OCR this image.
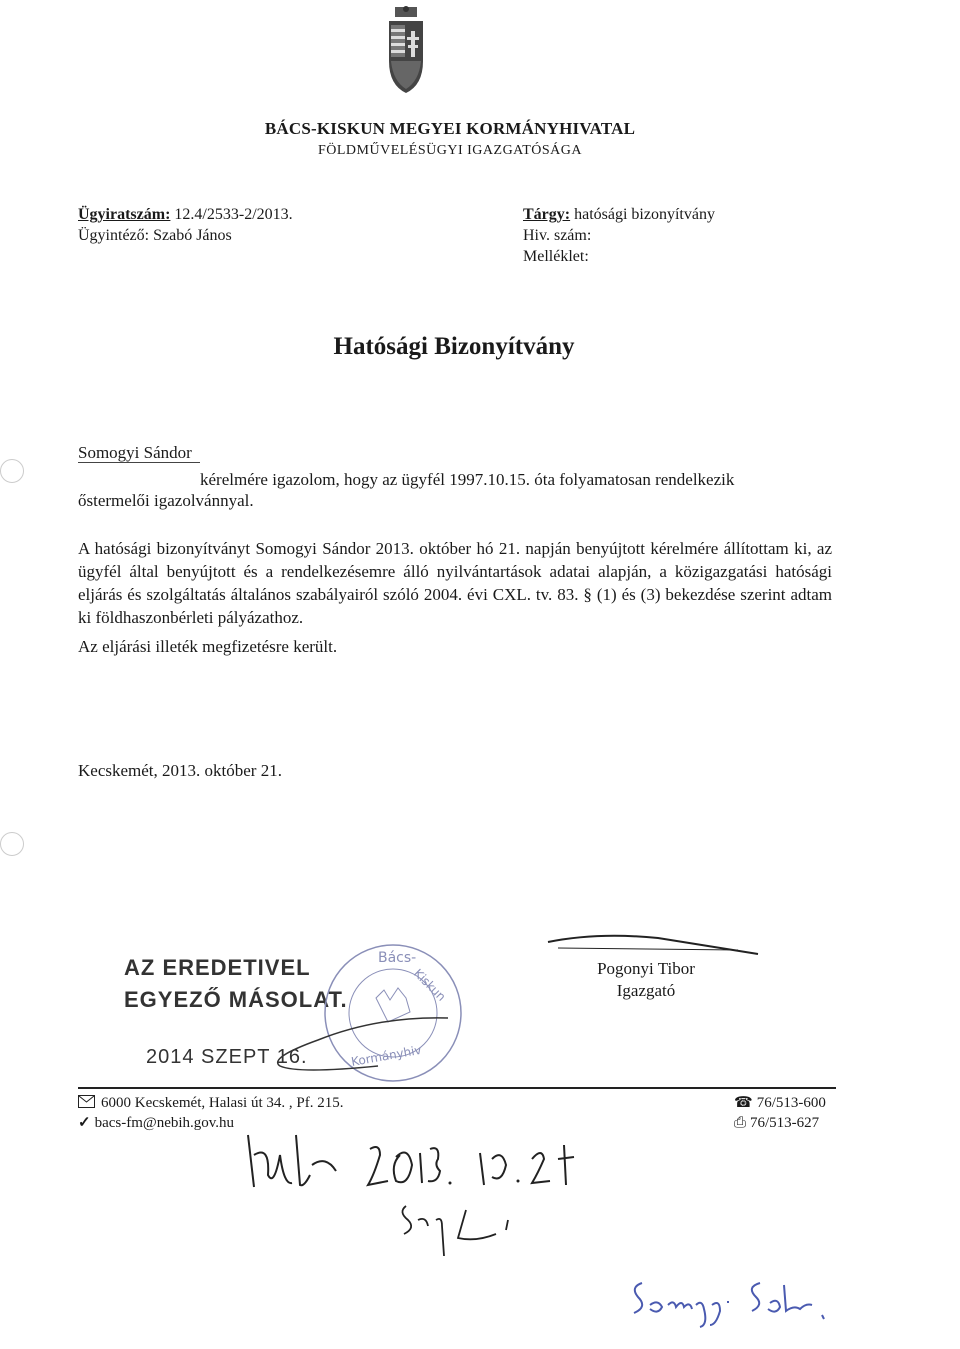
BÁCS-KISKUN MEGYEI KORMÁNYHIVATAL
FÖLDMŰVELÉSÜGYI IGAZGATÓSÁGA
Ügyiratszám: 12.4/2533-2/2013.
Ügyintéző: Szabó János
Tárgy: hatósági bizonyítvány
Hiv. szám:
Melléklet:
Hatósági Bizonyítvány
Somogyi Sándor
kérelmére igazolom, hogy az ügyfél 1997.10.15. óta folyamatosan rendelkezik
őstermelői igazolvánnyal.
A hatósági bizonyítványt Somogyi Sándor 2013. október hó 21. napján benyújtott kérelmére állítottam ki, az ügyfél által benyújtott és a rendelkezésemre álló nyilvántartások adatai alapján, a közigazgatási hatósági eljárás és szolgáltatás általános szabályairól szóló 2004. évi CXL. tv. 83. § (1) és (3) bekezdése szerint adtam ki földhaszonbérleti pályázathoz.
Az eljárási illeték megfizetésre került.
Kecskemét, 2013. október 21.
AZ EREDETIVEL
EGYEZŐ MÁSOLAT.
2014 SZEPT 16.
Bács-
Kiskun
Kormányhiv
Pogonyi Tibor
Igazgató
6000 Kecskemét, Halasi út 34. , Pf. 215.
✓ bacs-fm@nebih.gov.hu
☎ 76/513-600
⎙ 76/513-627
